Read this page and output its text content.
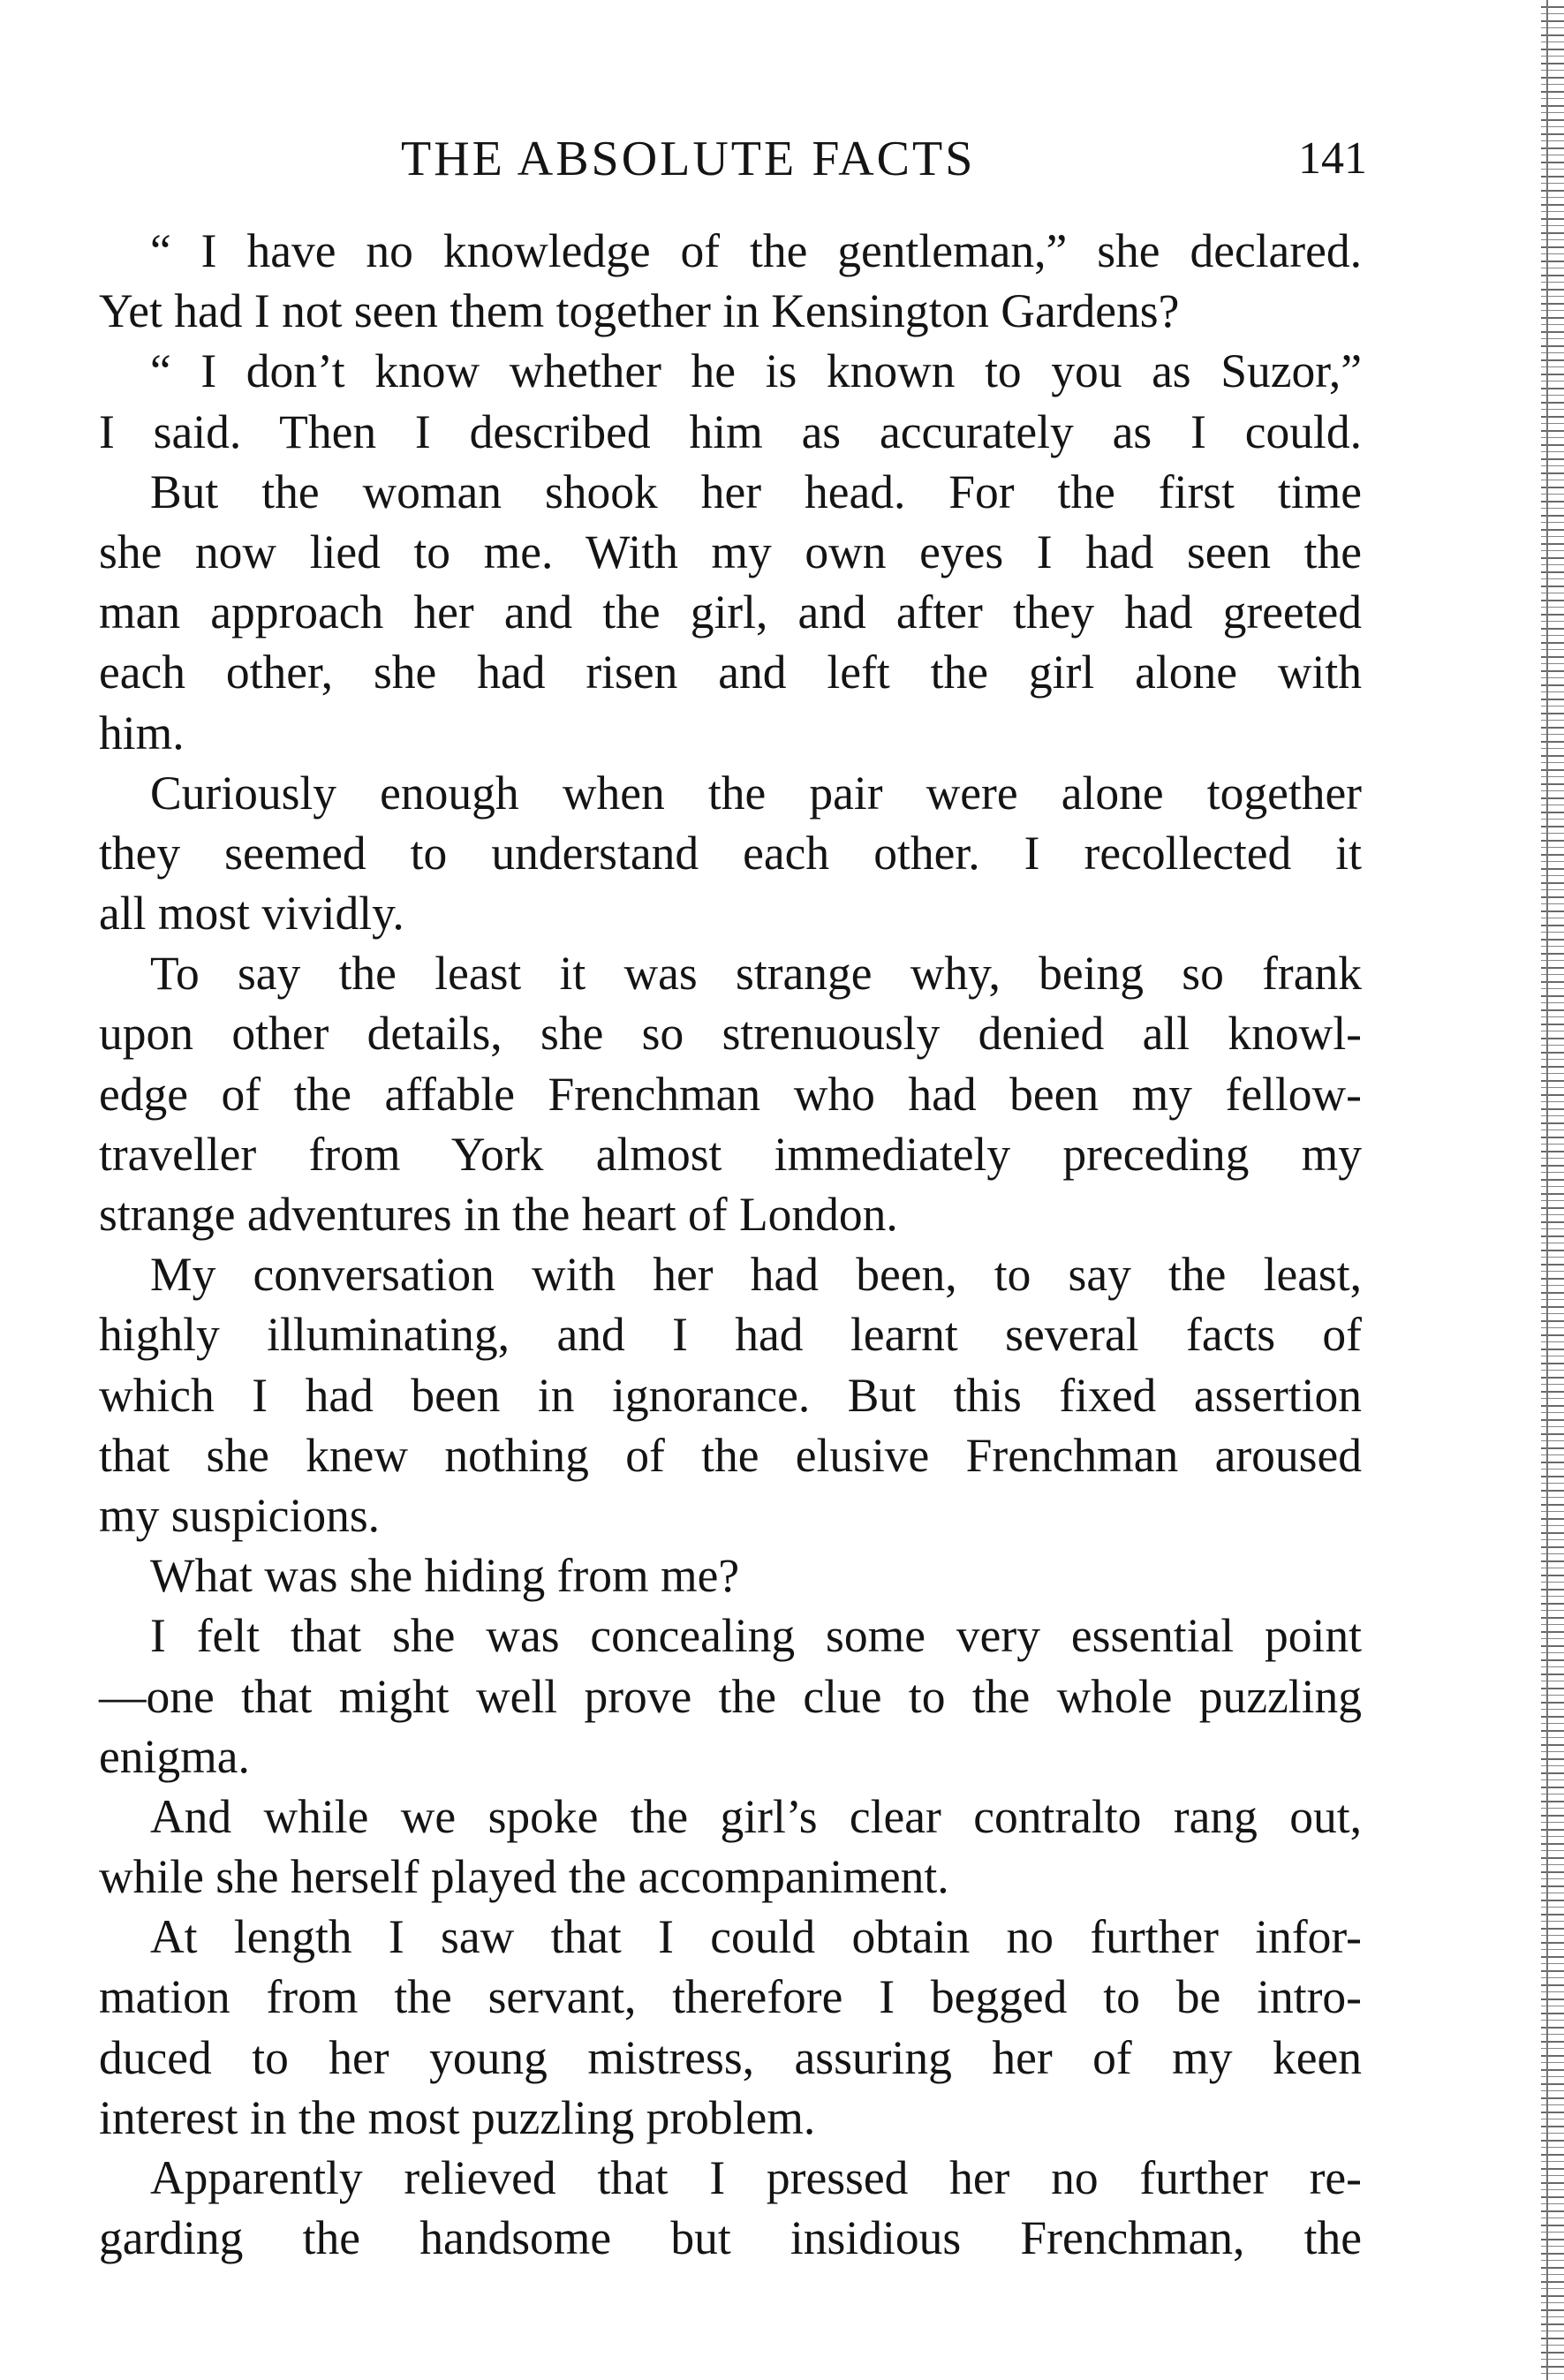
THE ABSOLUTE FACTS	141
“ I have no knowledge of the gentleman,” she declared.
Yet had I not seen them together in Kensington Gardens?
“ I don’t know whether he is known to you as Suzor,”
I said. Then I described him as accurately as I could.
But the woman shook her head. For the first time
she now lied to me. With my own eyes I had seen the
man approach her and the girl, and after they had greeted
each other, she had risen and left the girl alone with
him.
Curiously enough when the pair were alone together
they seemed to understand each other. I recollected it
all most vividly.
To say the least it was strange why, being so frank
upon other details, she so strenuously denied all knowl-
edge of the affable Frenchman who had been my fellow-
traveller from York almost immediately preceding my
strange adventures in the heart of London.
My conversation with her had been, to say the least,
highly illuminating, and I had learnt several facts of
which I had been in ignorance. But this fixed assertion
that she knew nothing of the elusive Frenchman aroused
my suspicions.
What was she hiding from me?
I felt that she was concealing some very essential point
—one that might well prove the clue to the whole puzzling
enigma.
And while we spoke the girl’s clear contralto rang out,
while she herself played the accompaniment.
At length I saw that I could obtain no further infor-
mation from the servant, therefore I begged to be intro-
duced to her young mistress, assuring her of my keen
interest in the most puzzling problem.
Apparently relieved that I pressed her no further re-
garding the handsome but insidious Frenchman, the
